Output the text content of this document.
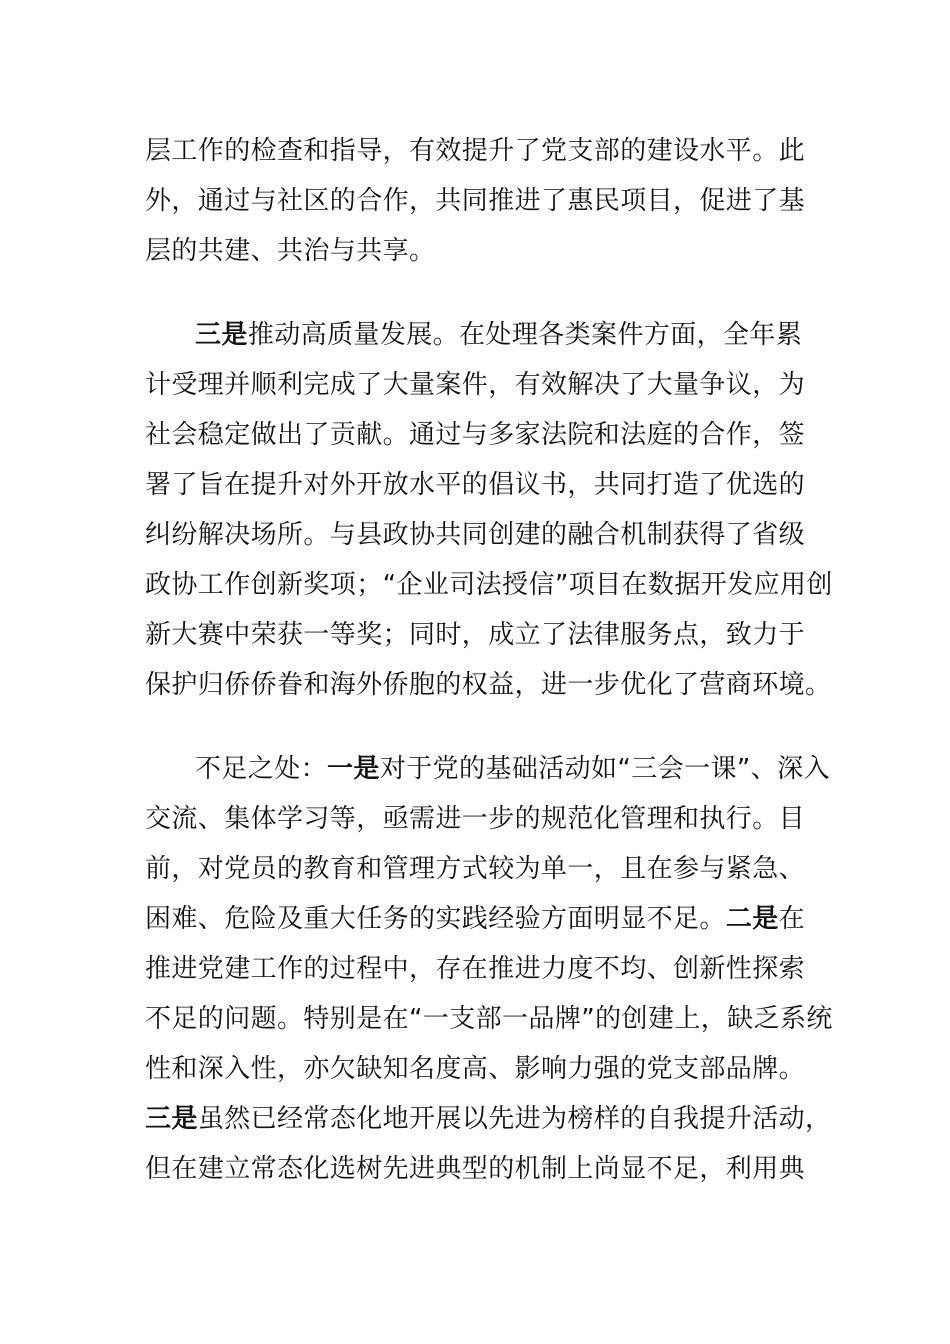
层工作的检查和指导，有效提升了党支部的建设水平。此
外，通过与社区的合作，共同推进了惠民项目，促进了基
层的共建、共治与共享。
三是推动高质量发展。在处理各类案件方面，全年累
计受理并顺利完成了大量案件，有效解决了大量争议，为
社会稳定做出了贡献。通过与多家法院和法庭的合作，签
署了旨在提升对外开放水平的倡议书，共同打造了优选的
纠纷解决场所。与县政协共同创建的融合机制获得了省级
政协工作创新奖项；“企业司法授信”项目在数据开发应用创
新大赛中荣获一等奖；同时，成立了法律服务点，致力于
保护归侨侨眷和海外侨胞的权益，进一步优化了营商环境。
不足之处：一是对于党的基础活动如“三会一课”、深入
交流、集体学习等，亟需进一步的规范化管理和执行。目
前，对党员的教育和管理方式较为单一，且在参与紧急、
困难、危险及重大任务的实践经验方面明显不足。二是在
推进党建工作的过程中，存在推进力度不均、创新性探索
不足的问题。特别是在“一支部一品牌”的创建上，缺乏系统
性和深入性，亦欠缺知名度高、影响力强的党支部品牌。
三是虽然已经常态化地开展以先进为榜样的自我提升活动，
但在建立常态化选树先进典型的机制上尚显不足，利用典
